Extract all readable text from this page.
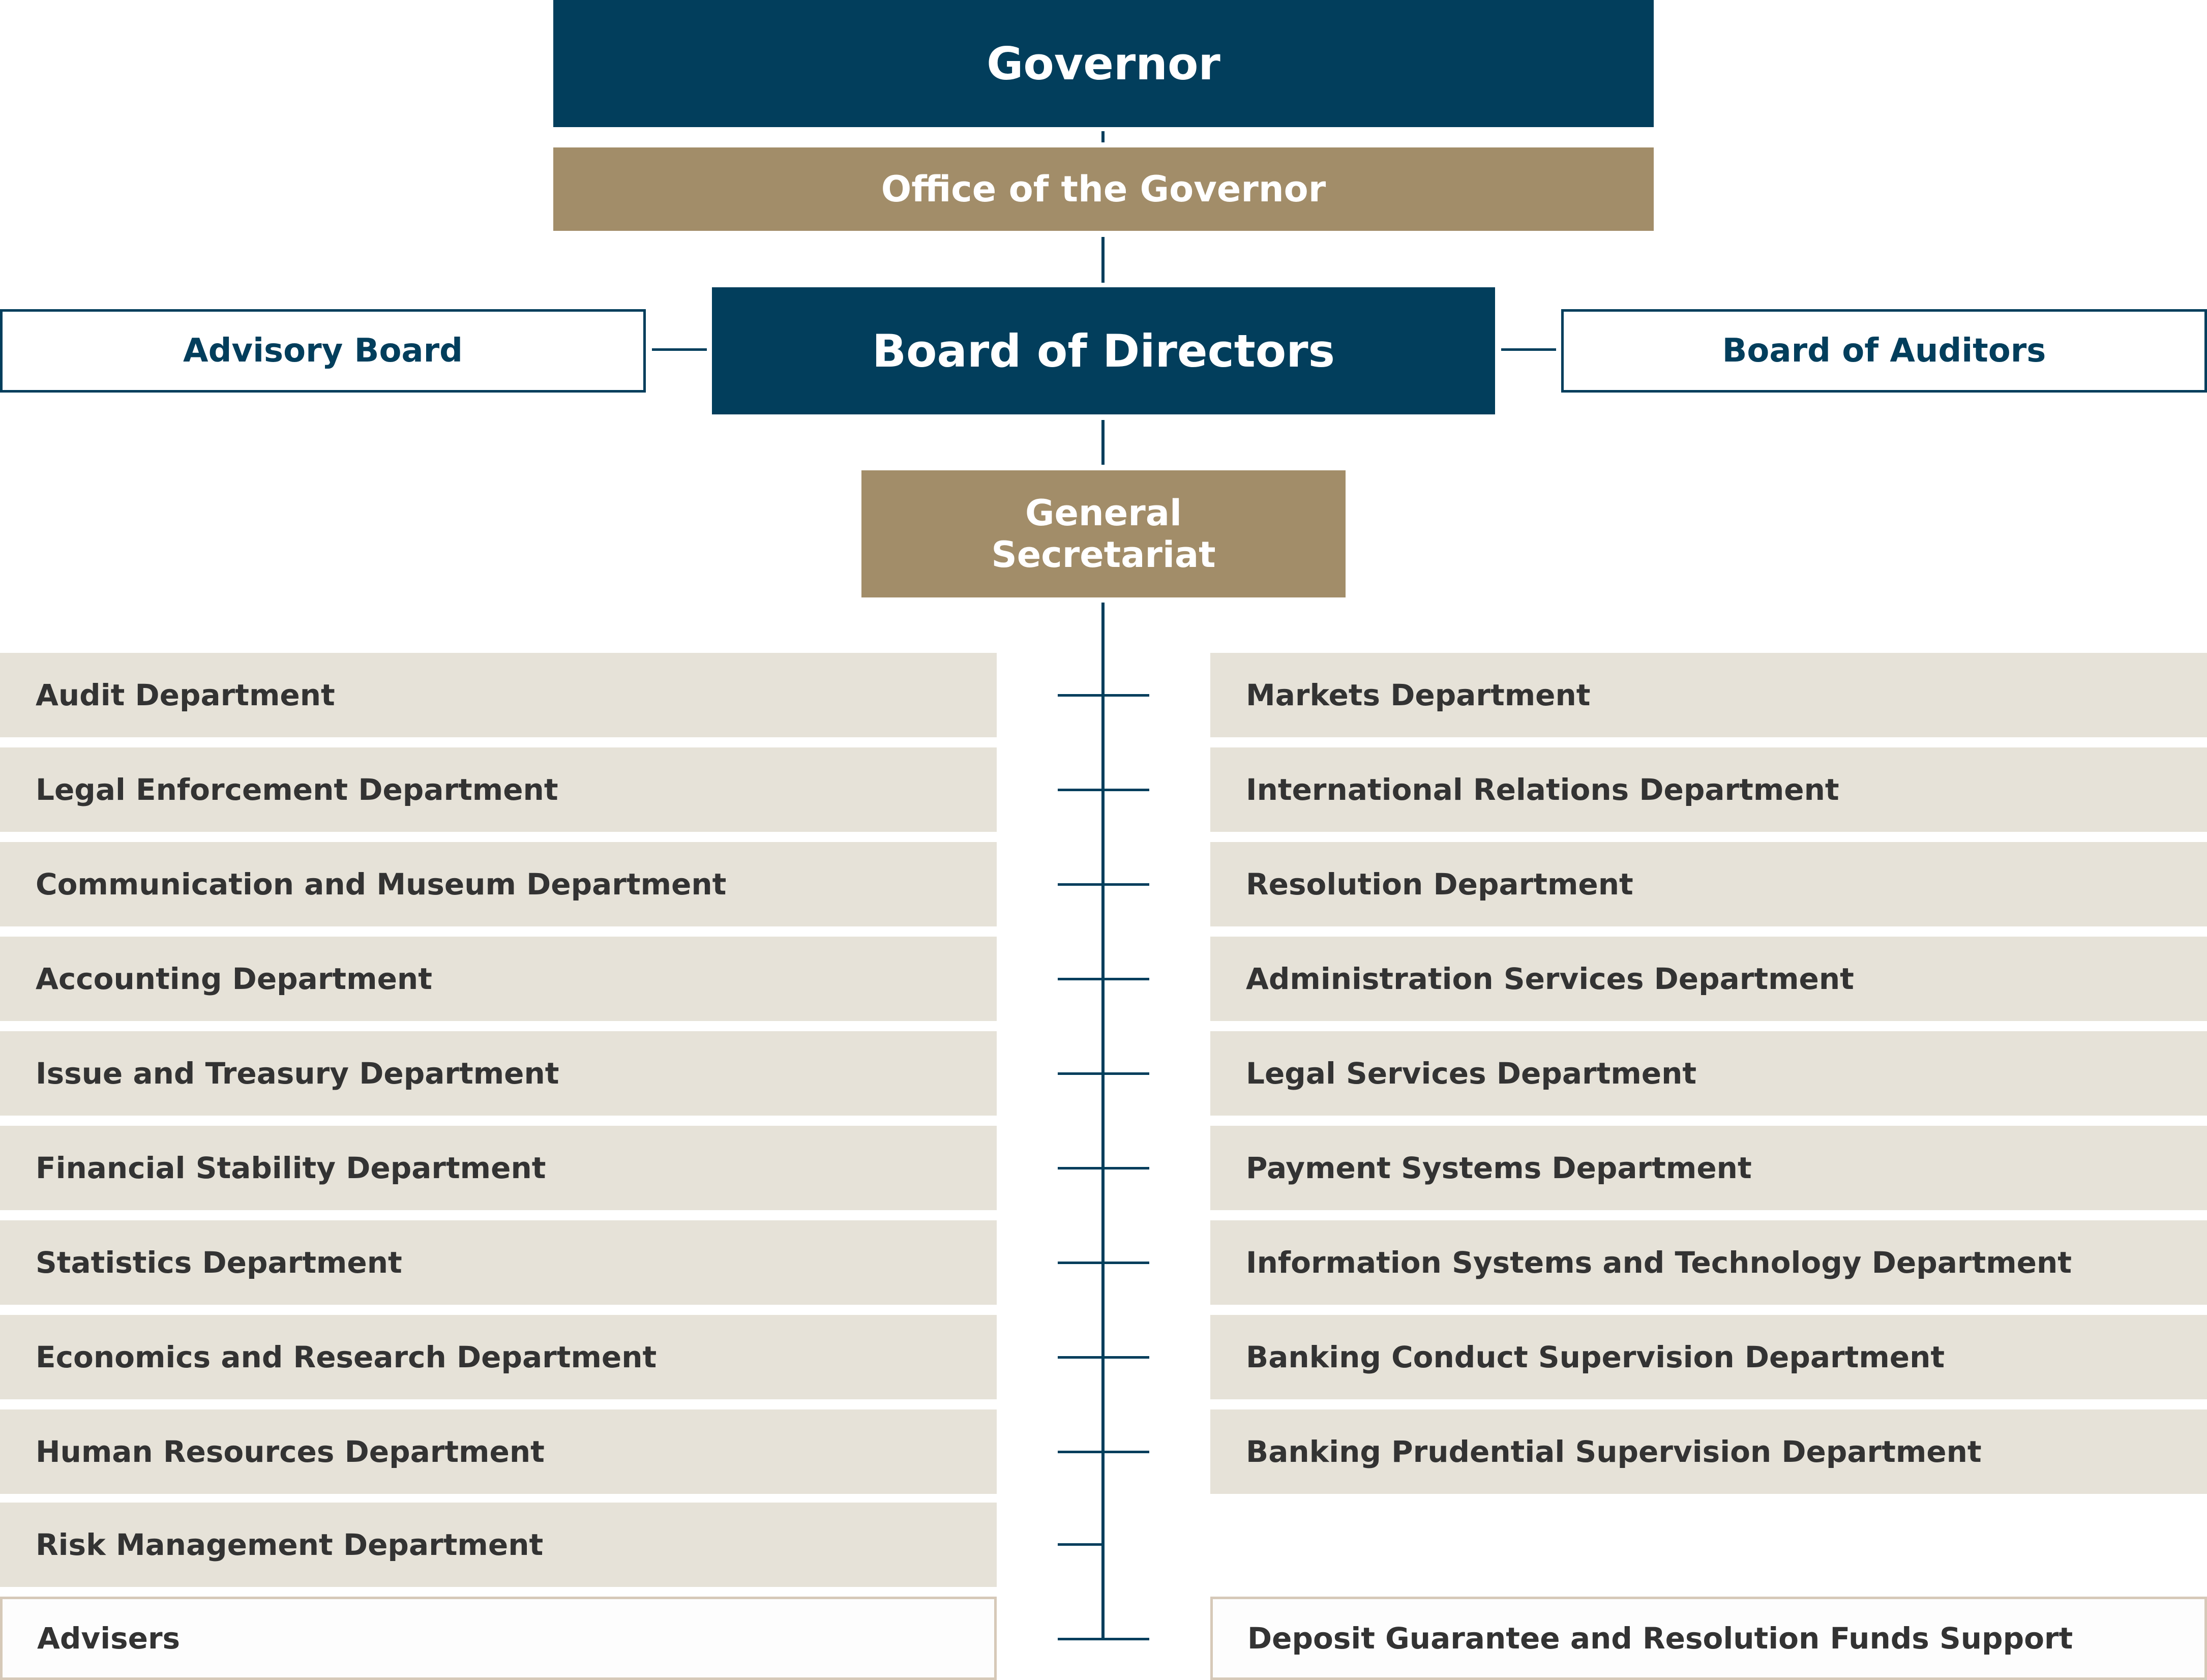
Governor
Office of the Governor
Advisory Board	Board of Directors	Board of Auditors
General
Secretariat
Audit Department
Legal Enforcement Department
Communication and Museum Department
Accounting Department
Issue and Treasury Department
Financial Stability Department
Statistics Department
Economics and Research Department
Human Resources Department
Risk Management Department
Advisers
Markets Department
International Relations Department
Resolution Department
Administration Services Department
Legal Services Department
Payment Systems Department
Information Systems and Technology Department
Banking Conduct Supervision Department
Banking Prudential Supervision Department
Deposit Guarantee and Resolution Funds Support
